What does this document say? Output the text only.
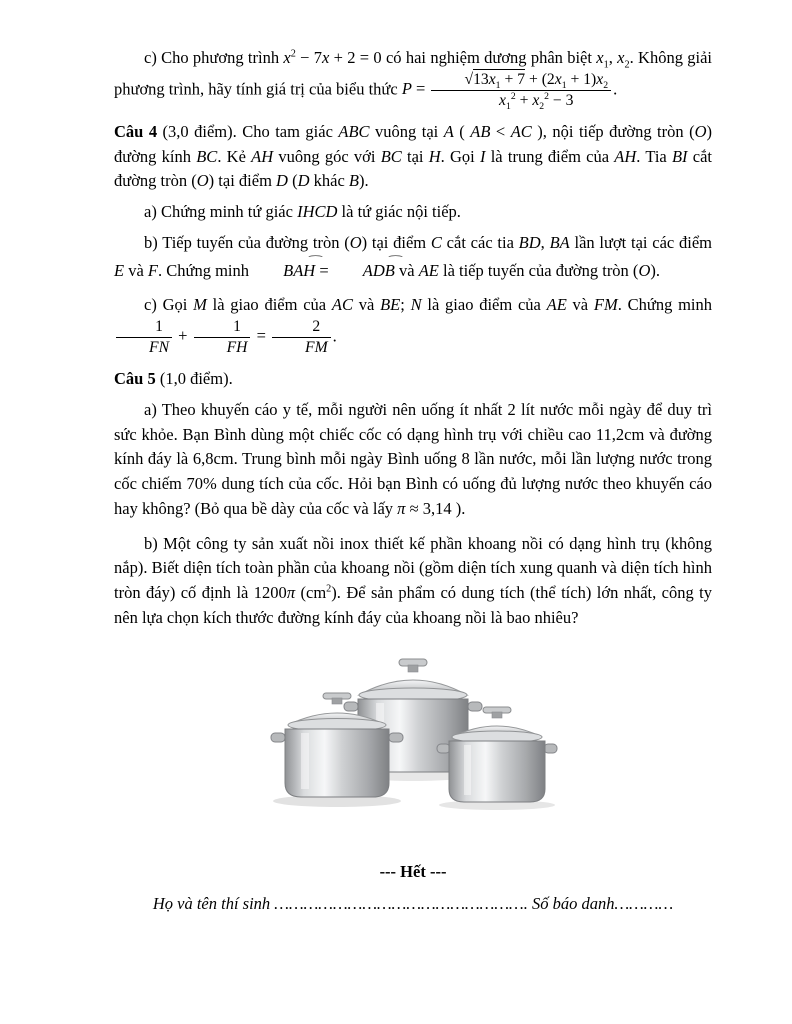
c) Cho phương trình $x^2 - 7x + 2 = 0$ có hai nghiệm dương phân biệt $x_1$, $x_2$. Không giải phương trình, hãy tính giá trị của biểu thức $P = \frac{√13x_1 + 7 + (2x_1 + 1)x_2}{x_1^2 + x_2^2 - 3}$ .

Câu 4 (3,0 điểm). Cho tam giác ABC vuông tại A ( AB < AC ), nội tiếp đường tròn (O) đường kính BC. Kẻ AH vuông góc với BC tại H. Gọi I là trung điểm của AH. Tia BI cắt đường tròn (O) tại điểm D (D khác B).

a) Chứng minh tứ giác IHCD là tứ giác nội tiếp.

b) Tiếp tuyến của đường tròn (O) tại điểm C cắt các tia BD, BA lần lượt tại các điểm E và F. Chứng minh ⌢ BAH = ⌢ ADB và AE là tiếp tuyến của đường tròn (O).

c) Gọi M là giao điểm của AC và BE; N là giao điểm của AE và FM. Chứng minh
$\frac{1}{FN} + \frac{1}{FH} = \frac{2}{FM}$ .

Câu 5 (1,0 điểm).

a) Theo khuyến cáo y tế, mỗi người nên uống ít nhất 2 lít nước mỗi ngày để duy trì sức khỏe. Bạn Bình dùng một chiếc cốc có dạng hình trụ với chiều cao 11,2cm và đường kính đáy là 6,8cm. Trung bình mỗi ngày Bình uống 8 lần nước, mỗi lần lượng nước trong cốc chiếm 70% dung tích của cốc. Hỏi bạn Bình có uống đủ lượng nước theo khuyến cáo hay không? (Bỏ qua bề dày của cốc và lấy π ≈ 3,14 ).

b) Một công ty sản xuất nồi inox thiết kế phần khoang nồi có dạng hình trụ (không nắp). Biết diện tích toàn phần của khoang nồi (gồm diện tích xung quanh và diện tích hình tròn đáy) cố định là 1200π $(cm^2)$. Để sản phẩm có dung tích (thể tích) lớn nhất, công ty nên lựa chọn kích thước đường kính đáy của khoang nồi là bao nhiêu?

--- Hết ---

Họ và tên thí sinh ……………………………………………. Số báo danh…………
